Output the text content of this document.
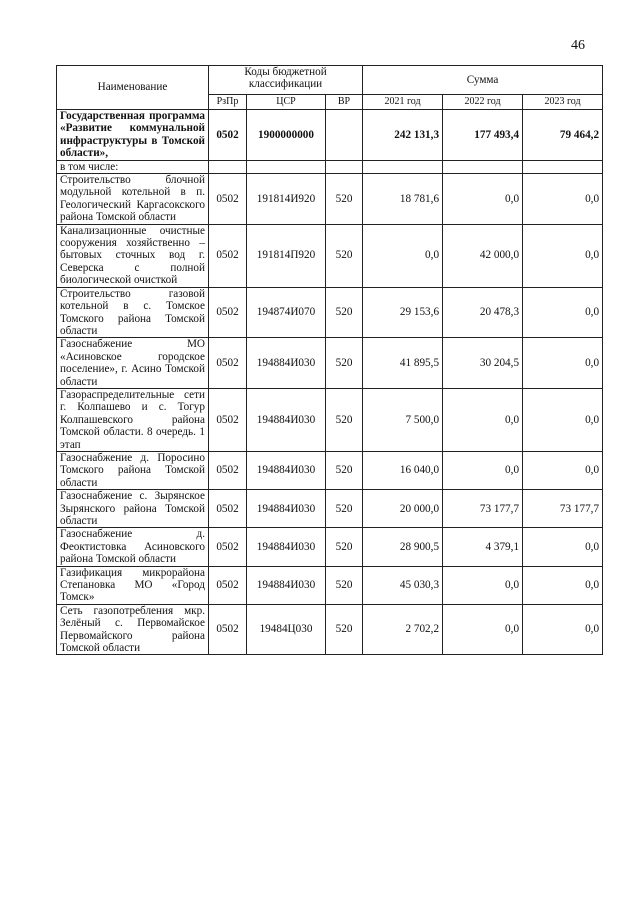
46
Наименование	Коды бюджетной классификации			Сумма		
	РзПр	ЦСР	ВР	2021 год	2022 год	2023 год
Государственная программа «Развитие коммунальной инфраструктуры в Томской области»,	0502	1900000000		242 131,3	177 493,4	79 464,2
в том числе:						
Строительство блочной модульной котельной в п. Геологический Каргасокского района Томской области	0502	191814И920	520	18 781,6	0,0	0,0
Канализационные очистные сооружения хозяйственно – бытовых сточных вод г. Северска с полной биологической очисткой	0502	191814П920	520	0,0	42 000,0	0,0
Строительство газовой котельной в с. Томское Томского района Томской области	0502	194874И070	520	29 153,6	20 478,3	0,0
Газоснабжение МО «Асиновское городское поселение», г. Асино Томской области	0502	194884И030	520	41 895,5	30 204,5	0,0
Газораспределительные сети г. Колпашево и с. Тогур Колпашевского района Томской области. 8 очередь. 1 этап	0502	194884И030	520	7 500,0	0,0	0,0
Газоснабжение д. Поросино Томского района Томской области	0502	194884И030	520	16 040,0	0,0	0,0
Газоснабжение с. Зырянское Зырянского района Томской области	0502	194884И030	520	20 000,0	73 177,7	73 177,7
Газоснабжение д. Феоктистовка Асиновского района Томской области	0502	194884И030	520	28 900,5	4 379,1	0,0
Газификация микрорайона Степановка МО «Город Томск»	0502	194884И030	520	45 030,3	0,0	0,0
Сеть газопотребления мкр. Зелёный с. Первомайское Первомайского района Томской области	0502	19484Ц030	520	2 702,2	0,0	0,0
